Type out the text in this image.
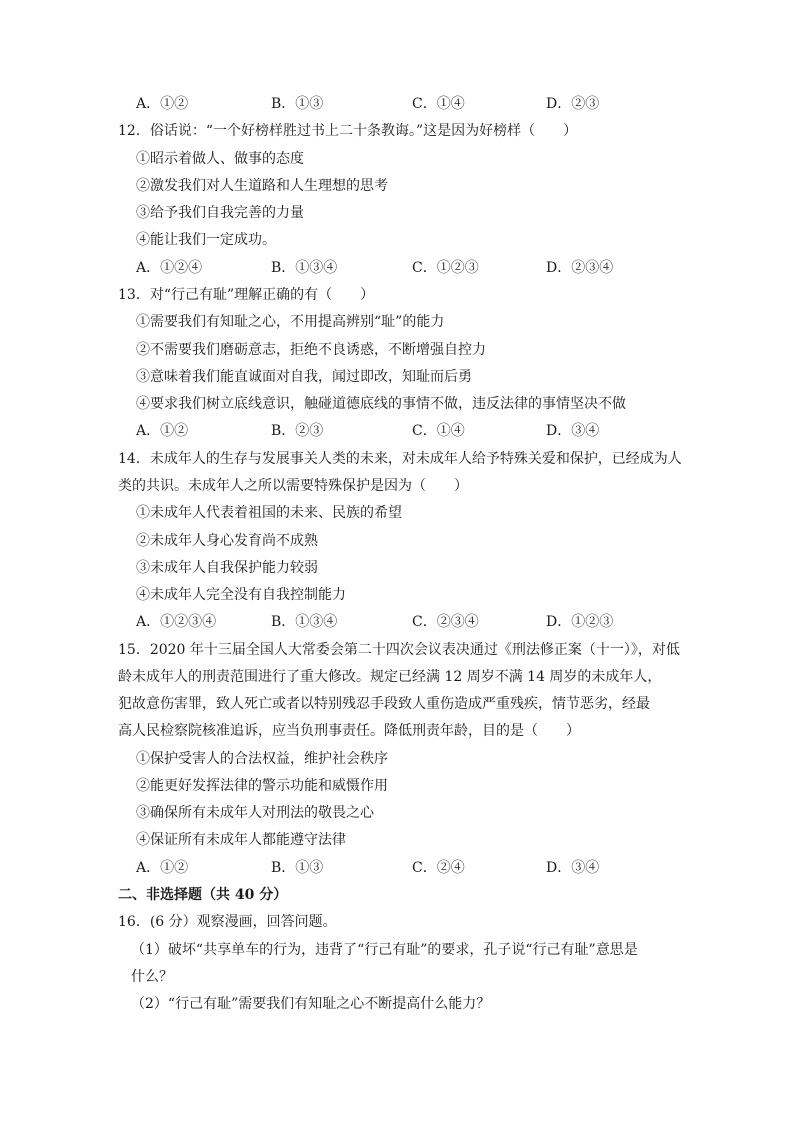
A．①②	B．①③	C．①④	D．②③
12．俗话说：“一个好榜样胜过书上二十条教诲。”这是因为好榜样（　　）
①昭示着做人、做事的态度
②激发我们对人生道路和人生理想的思考
③给予我们自我完善的力量
④能让我们一定成功。
A．①②④	B．①③④	C．①②③	D．②③④
13．对“行己有耻”理解正确的有（　　）
①需要我们有知耻之心，不用提高辨别“耻”的能力
②不需要我们磨砺意志，拒绝不良诱惑，不断增强自控力
③意味着我们能直诚面对自我，闻过即改，知耻而后勇
④要求我们树立底线意识，触碰道德底线的事情不做，违反法律的事情坚决不做
A．①②	B．②③	C．①④	D．③④
14．未成年人的生存与发展事关人类的未来，对未成年人给予特殊关爱和保护，已经成为人
类的共识。未成年人之所以需要特殊保护是因为（　　）
①未成年人代表着祖国的未来、民族的希望
②未成年人身心发育尚不成熟
③未成年人自我保护能力较弱
④未成年人完全没有自我控制能力
A．①②③④	B．①③④	C．②③④	D．①②③
15．2020 年十三届全国人大常委会第二十四次会议表决通过《刑法修正案（十一）》，对低
龄未成年人的刑责范围进行了重大修改。规定已经满 12 周岁不满 14 周岁的未成年人，
犯故意伤害罪，致人死亡或者以特别残忍手段致人重伤造成严重残疾，情节恶劣，经最
高人民检察院核准追诉，应当负刑事责任。降低刑责年龄，目的是（　　）
①保护受害人的合法权益，维护社会秩序
②能更好发挥法律的警示功能和威慑作用
③确保所有未成年人对刑法的敬畏之心
④保证所有未成年人都能遵守法律
A．①②	B．①③	C．②④	D．③④
二、非选择题（共 40 分）
16．(6 分）观察漫画，回答问题。
（1）破坏“共享单车的行为，违背了“行己有耻”的要求，孔子说“行己有耻”意思是
什么？
（2）“行己有耻”需要我们有知耻之心不断提高什么能力？
